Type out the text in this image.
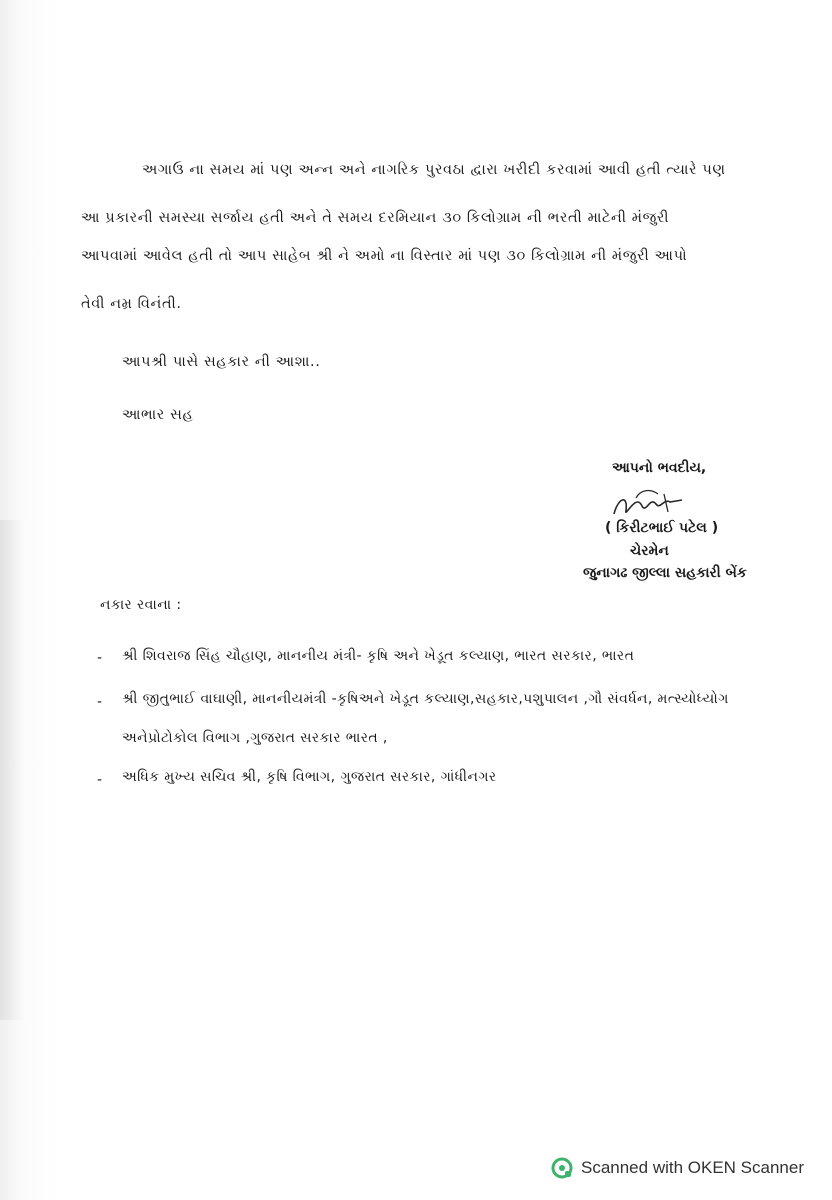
અગાઉ ના સમય માં પણ અન્ન અને નાગરિક પુરવઠા દ્વારા ખરીદી કરવામાં આવી હતી ત્યારે પણ
આ પ્રકારની સમસ્યા સર્જાય હતી અને તે સમય દરમિયાન ૩૦ કિલોગ્રામ ની ભરતી માટેની મંજુરી
આપવામાં આવેલ હતી તો આપ સાહેબ શ્રી ને અમો ના વિસ્તાર માં પણ ૩૦ કિલોગ્રામ ની મંજુરી આપો
તેવી નમ્ર વિનંતી.
આપશ્રી પાસે સહકાર ની આશા..
આભાર સહ
આપનો ભવદીય,
( કિરીટભાઈ પટેલ )
ચેરમેન
જુનાગઢ જીલ્લા સહકારી બેંક
નકાર રવાના :
- શ્રી શિવરાજ સિંહ ચૌહાણ, માનનીય મંત્રી- કૃષિ અને ખેડૂત કલ્યાણ, ભારત સરકાર, ભારત
- શ્રી જીતુભાઈ વાઘાણી, માનનીયમંત્રી -કૃષિઅને ખેડૂત કલ્યાણ,સહકાર,પશુપાલન ,ગૌ સંવર્ધન, મત્સ્યોધ્યોગ
અનેપ્રોટોકોલ વિભાગ ,ગુજરાત સરકાર ભારત ,
- અધિક મુખ્ય સચિવ શ્રી, કૃષિ વિભાગ, ગુજરાત સરકાર, ગાંધીનગર
Scanned with OKEN Scanner
